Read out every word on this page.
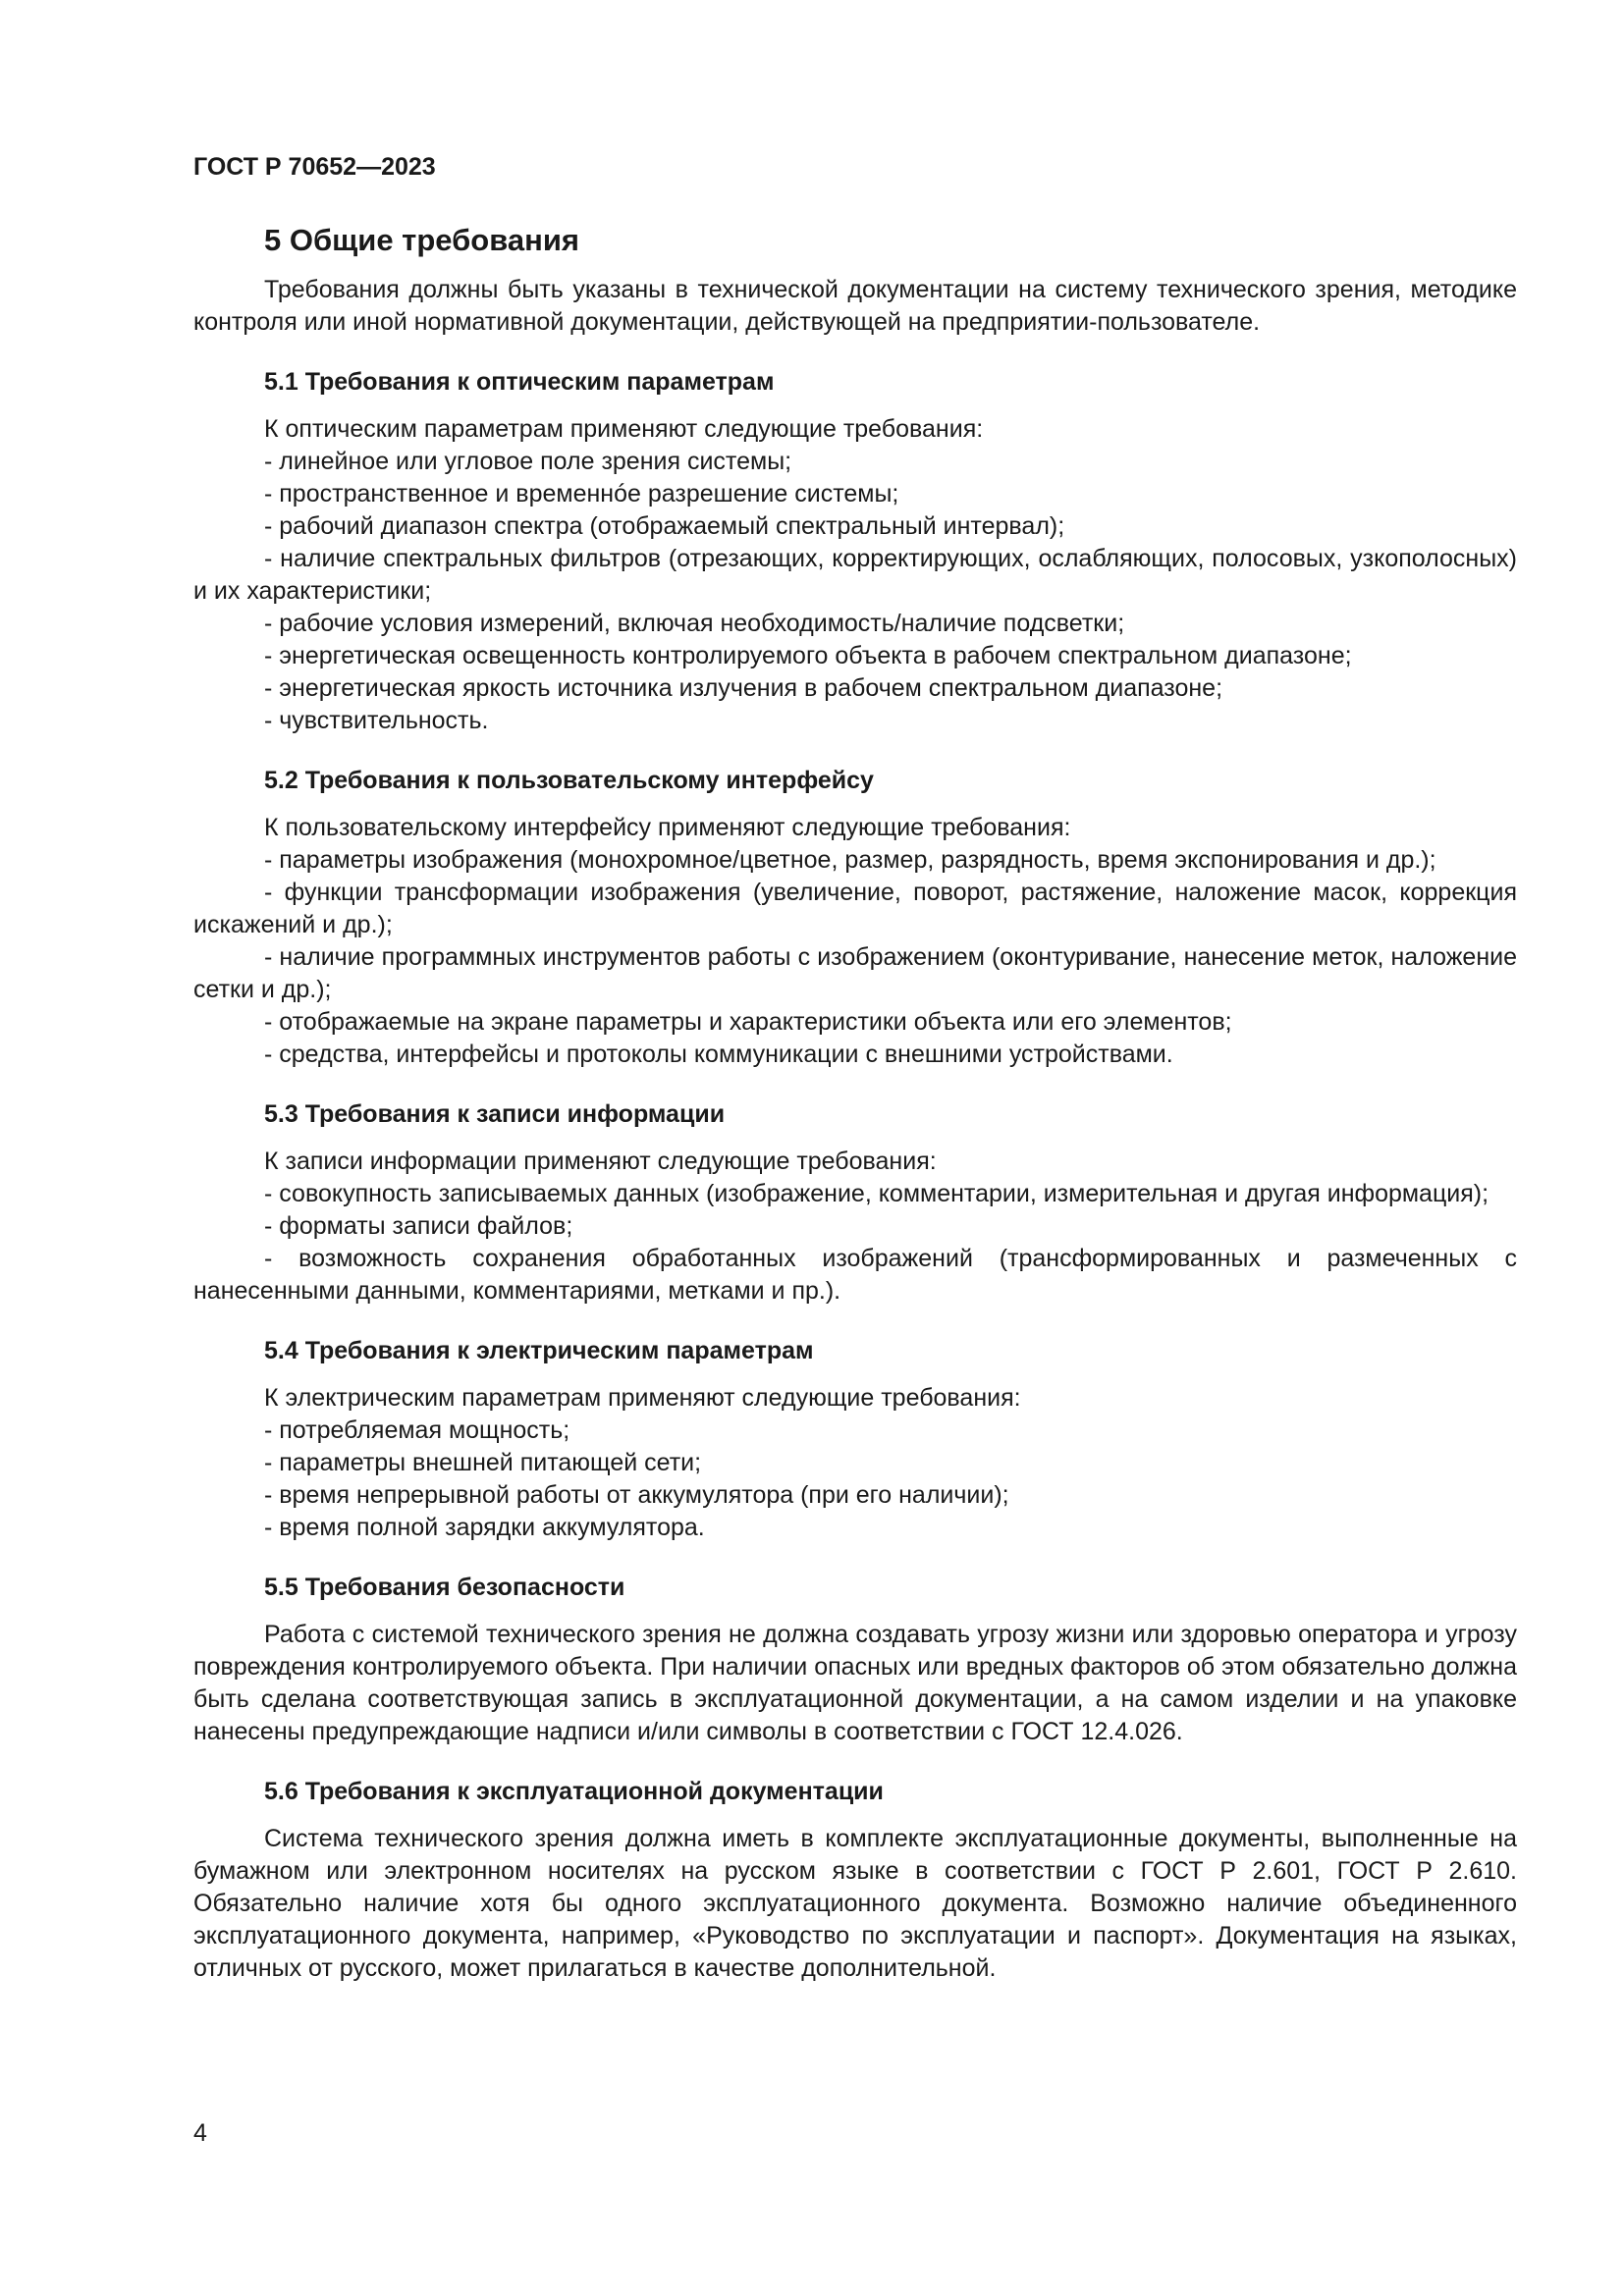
ГОСТ Р 70652—2023
5 Общие требования

Требования должны быть указаны в технической документации на систему технического зрения, методике контроля или иной нормативной документации, действующей на предприятии-пользователе.

5.1 Требования к оптическим параметрам

К оптическим параметрам применяют следующие требования:

- линейное или угловое поле зрения системы;

- пространственное и временнóе разрешение системы;

- рабочий диапазон спектра (отображаемый спектральный интервал);

- наличие спектральных фильтров (отрезающих, корректирующих, ослабляющих, полосовых, узкополосных) и их характеристики;

- рабочие условия измерений, включая необходимость/наличие подсветки;

- энергетическая освещенность контролируемого объекта в рабочем спектральном диапазоне;

- энергетическая яркость источника излучения в рабочем спектральном диапазоне;

- чувствительность.

5.2 Требования к пользовательскому интерфейсу

К пользовательскому интерфейсу применяют следующие требования:

- параметры изображения (монохромное/цветное, размер, разрядность, время экспонирования и др.);

- функции трансформации изображения (увеличение, поворот, растяжение, наложение масок, коррекция искажений и др.);

- наличие программных инструментов работы с изображением (оконтуривание, нанесение меток, наложение сетки и др.);

- отображаемые на экране параметры и характеристики объекта или его элементов;

- средства, интерфейсы и протоколы коммуникации с внешними устройствами.

5.3 Требования к записи информации

К записи информации применяют следующие требования:

- совокупность записываемых данных (изображение, комментарии, измерительная и другая информация);

- форматы записи файлов;

- возможность сохранения обработанных изображений (трансформированных и размеченных с нанесенными данными, комментариями, метками и пр.).

5.4 Требования к электрическим параметрам

К электрическим параметрам применяют следующие требования:

- потребляемая мощность;

- параметры внешней питающей сети;

- время непрерывной работы от аккумулятора (при его наличии);

- время полной зарядки аккумулятора.

5.5 Требования безопасности

Работа с системой технического зрения не должна создавать угрозу жизни или здоровью оператора и угрозу повреждения контролируемого объекта. При наличии опасных или вредных факторов об этом обязательно должна быть сделана соответствующая запись в эксплуатационной документации, а на самом изделии и на упаковке нанесены предупреждающие надписи и/или символы в соответствии с ГОСТ 12.4.026.

5.6 Требования к эксплуатационной документации

Система технического зрения должна иметь в комплекте эксплуатационные документы, выполненные на бумажном или электронном носителях на русском языке в соответствии с ГОСТ Р 2.601, ГОСТ Р 2.610. Обязательно наличие хотя бы одного эксплуатационного документа. Возможно наличие объединенного эксплуатационного документа, например, «Руководство по эксплуатации и паспорт». Документация на языках, отличных от русского, может прилагаться в качестве дополнительной.

4
